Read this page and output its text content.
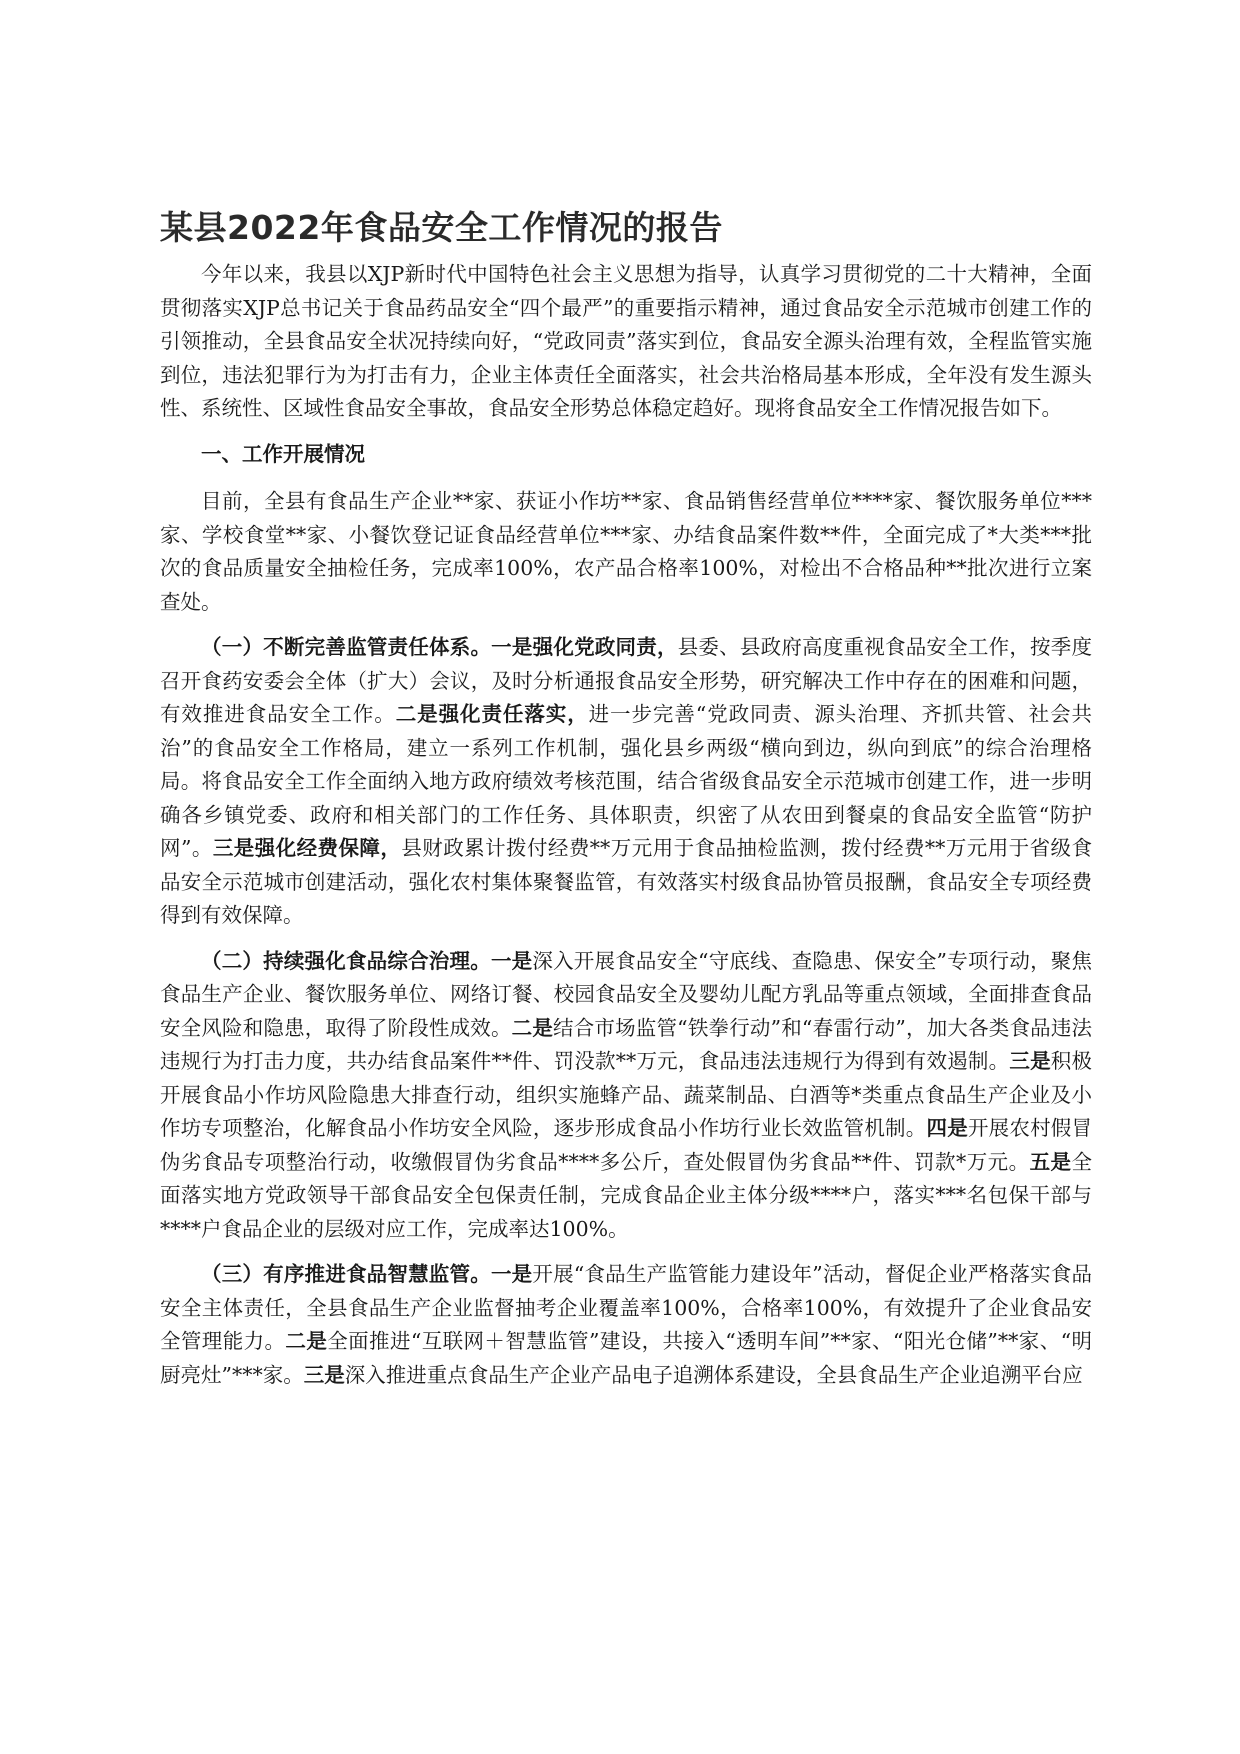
某县2022年食品安全工作情况的报告

今年以来，我县以XJP新时代中国特色社会主义思想为指导，认真学习贯彻党的二十大精神，全面贯彻落实XJP总书记关于食品药品安全“四个最严”的重要指示精神，通过食品安全示范城市创建工作的引领推动，全县食品安全状况持续向好，“党政同责”落实到位，食品安全源头治理有效，全程监管实施到位，违法犯罪行为为打击有力，企业主体责任全面落实，社会共治格局基本形成，全年没有发生源头性、系统性、区域性食品安全事故，食品安全形势总体稳定趋好。现将食品安全工作情况报告如下。

一、工作开展情况

目前，全县有食品生产企业**家、获证小作坊**家、食品销售经营单位****家、餐饮服务单位***家、学校食堂**家、小餐饮登记证食品经营单位***家、办结食品案件数**件，全面完成了*大类***批次的食品质量安全抽检任务，完成率100%，农产品合格率100%，对检出不合格品种**批次进行立案查处。

（一）不断完善监管责任体系。一是强化党政同责，县委、县政府高度重视食品安全工作，按季度召开食药安委会全体（扩大）会议，及时分析通报食品安全形势，研究解决工作中存在的困难和问题，有效推进食品安全工作。二是强化责任落实，进一步完善“党政同责、源头治理、齐抓共管、社会共治”的食品安全工作格局，建立一系列工作机制，强化县乡两级“横向到边，纵向到底”的综合治理格局。将食品安全工作全面纳入地方政府绩效考核范围，结合省级食品安全示范城市创建工作，进一步明确各乡镇党委、政府和相关部门的工作任务、具体职责，织密了从农田到餐桌的食品安全监管“防护网”。三是强化经费保障，县财政累计拨付经费**万元用于食品抽检监测，拨付经费**万元用于省级食品安全示范城市创建活动，强化农村集体聚餐监管，有效落实村级食品协管员报酬，食品安全专项经费得到有效保障。

（二）持续强化食品综合治理。一是深入开展食品安全“守底线、查隐患、保安全”专项行动，聚焦食品生产企业、餐饮服务单位、网络订餐、校园食品安全及婴幼儿配方乳品等重点领域，全面排查食品安全风险和隐患，取得了阶段性成效。二是结合市场监管“铁拳行动”和“春雷行动”，加大各类食品违法违规行为打击力度，共办结食品案件**件、罚没款**万元，食品违法违规行为得到有效遏制。三是积极开展食品小作坊风险隐患大排查行动，组织实施蜂产品、蔬菜制品、白酒等*类重点食品生产企业及小作坊专项整治，化解食品小作坊安全风险，逐步形成食品小作坊行业长效监管机制。四是开展农村假冒伪劣食品专项整治行动，收缴假冒伪劣食品****多公斤，查处假冒伪劣食品**件、罚款*万元。五是全面落实地方党政领导干部食品安全包保责任制，完成食品企业主体分级****户，落实***名包保干部与****户食品企业的层级对应工作，完成率达100%。

（三）有序推进食品智慧监管。一是开展“食品生产监管能力建设年”活动，督促企业严格落实食品安全主体责任，全县食品生产企业监督抽考企业覆盖率100%，合格率100%，有效提升了企业食品安全管理能力。二是全面推进“互联网＋智慧监管”建设，共接入“透明车间”**家、“阳光仓储”**家、“明厨亮灶”***家。三是深入推进重点食品生产企业产品电子追溯体系建设，全县食品生产企业追溯平台应
